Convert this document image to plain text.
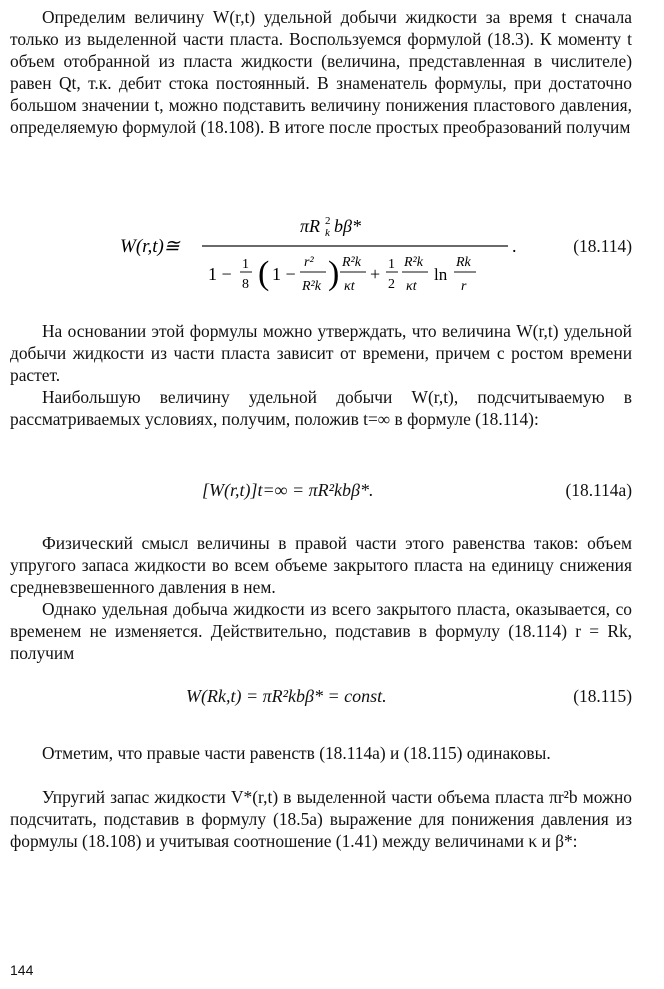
Определим величину W(r,t) удельной добычи жидкости за время t сначала только из выделенной части пласта. Воспользуемся формулой (18.3). К моменту t объем отобранной из пласта жидкости (величина, представленная в числителе) равен Qt, т.к. дебит стока постоянный. В знаменатель формулы, при достаточно большом значении t, можно подставить величину понижения пластового давления, определяемую формулой (18.108). В итоге после простых преобразований получим

W(r,t)≅
πR 2
k bβ*
1 − 1
8 ( 1 −
r²
R²k ) R²k
κt
+ 1
2
R²k
κt
ln
Rk
r
.	(18.114)

На основании этой формулы можно утверждать, что величина W(r,t) удельной добычи жидкости из части пласта зависит от времени, причем с ростом времени растет.

Наибольшую величину удельной добычи W(r,t), подсчитываемую в рассматриваемых условиях, получим, положив t=∞ в формуле (18.114):

[W(r,t)]t=∞ = πR²kbβ*.	(18.114a)

Физический смысл величины в правой части этого равенства таков: объем упругого запаса жидкости во всем объеме закрытого пласта на единицу снижения средневзвешенного давления в нем.

Однако удельная добыча жидкости из всего закрытого пласта, оказывается, со временем не изменяется. Действительно, подставив в формулу (18.114) r = Rk, получим

W(Rk,t) = πR²kbβ* = const.	(18.115)

Отметим, что правые части равенств (18.114a) и (18.115) одинаковы.

Упругий запас жидкости V*(r,t) в выделенной части объема пласта πr²b можно подсчитать, подставив в формулу (18.5a) выражение для понижения давления из формулы (18.108) и учитывая соотношение (1.41) между величинами κ и β*:

144
